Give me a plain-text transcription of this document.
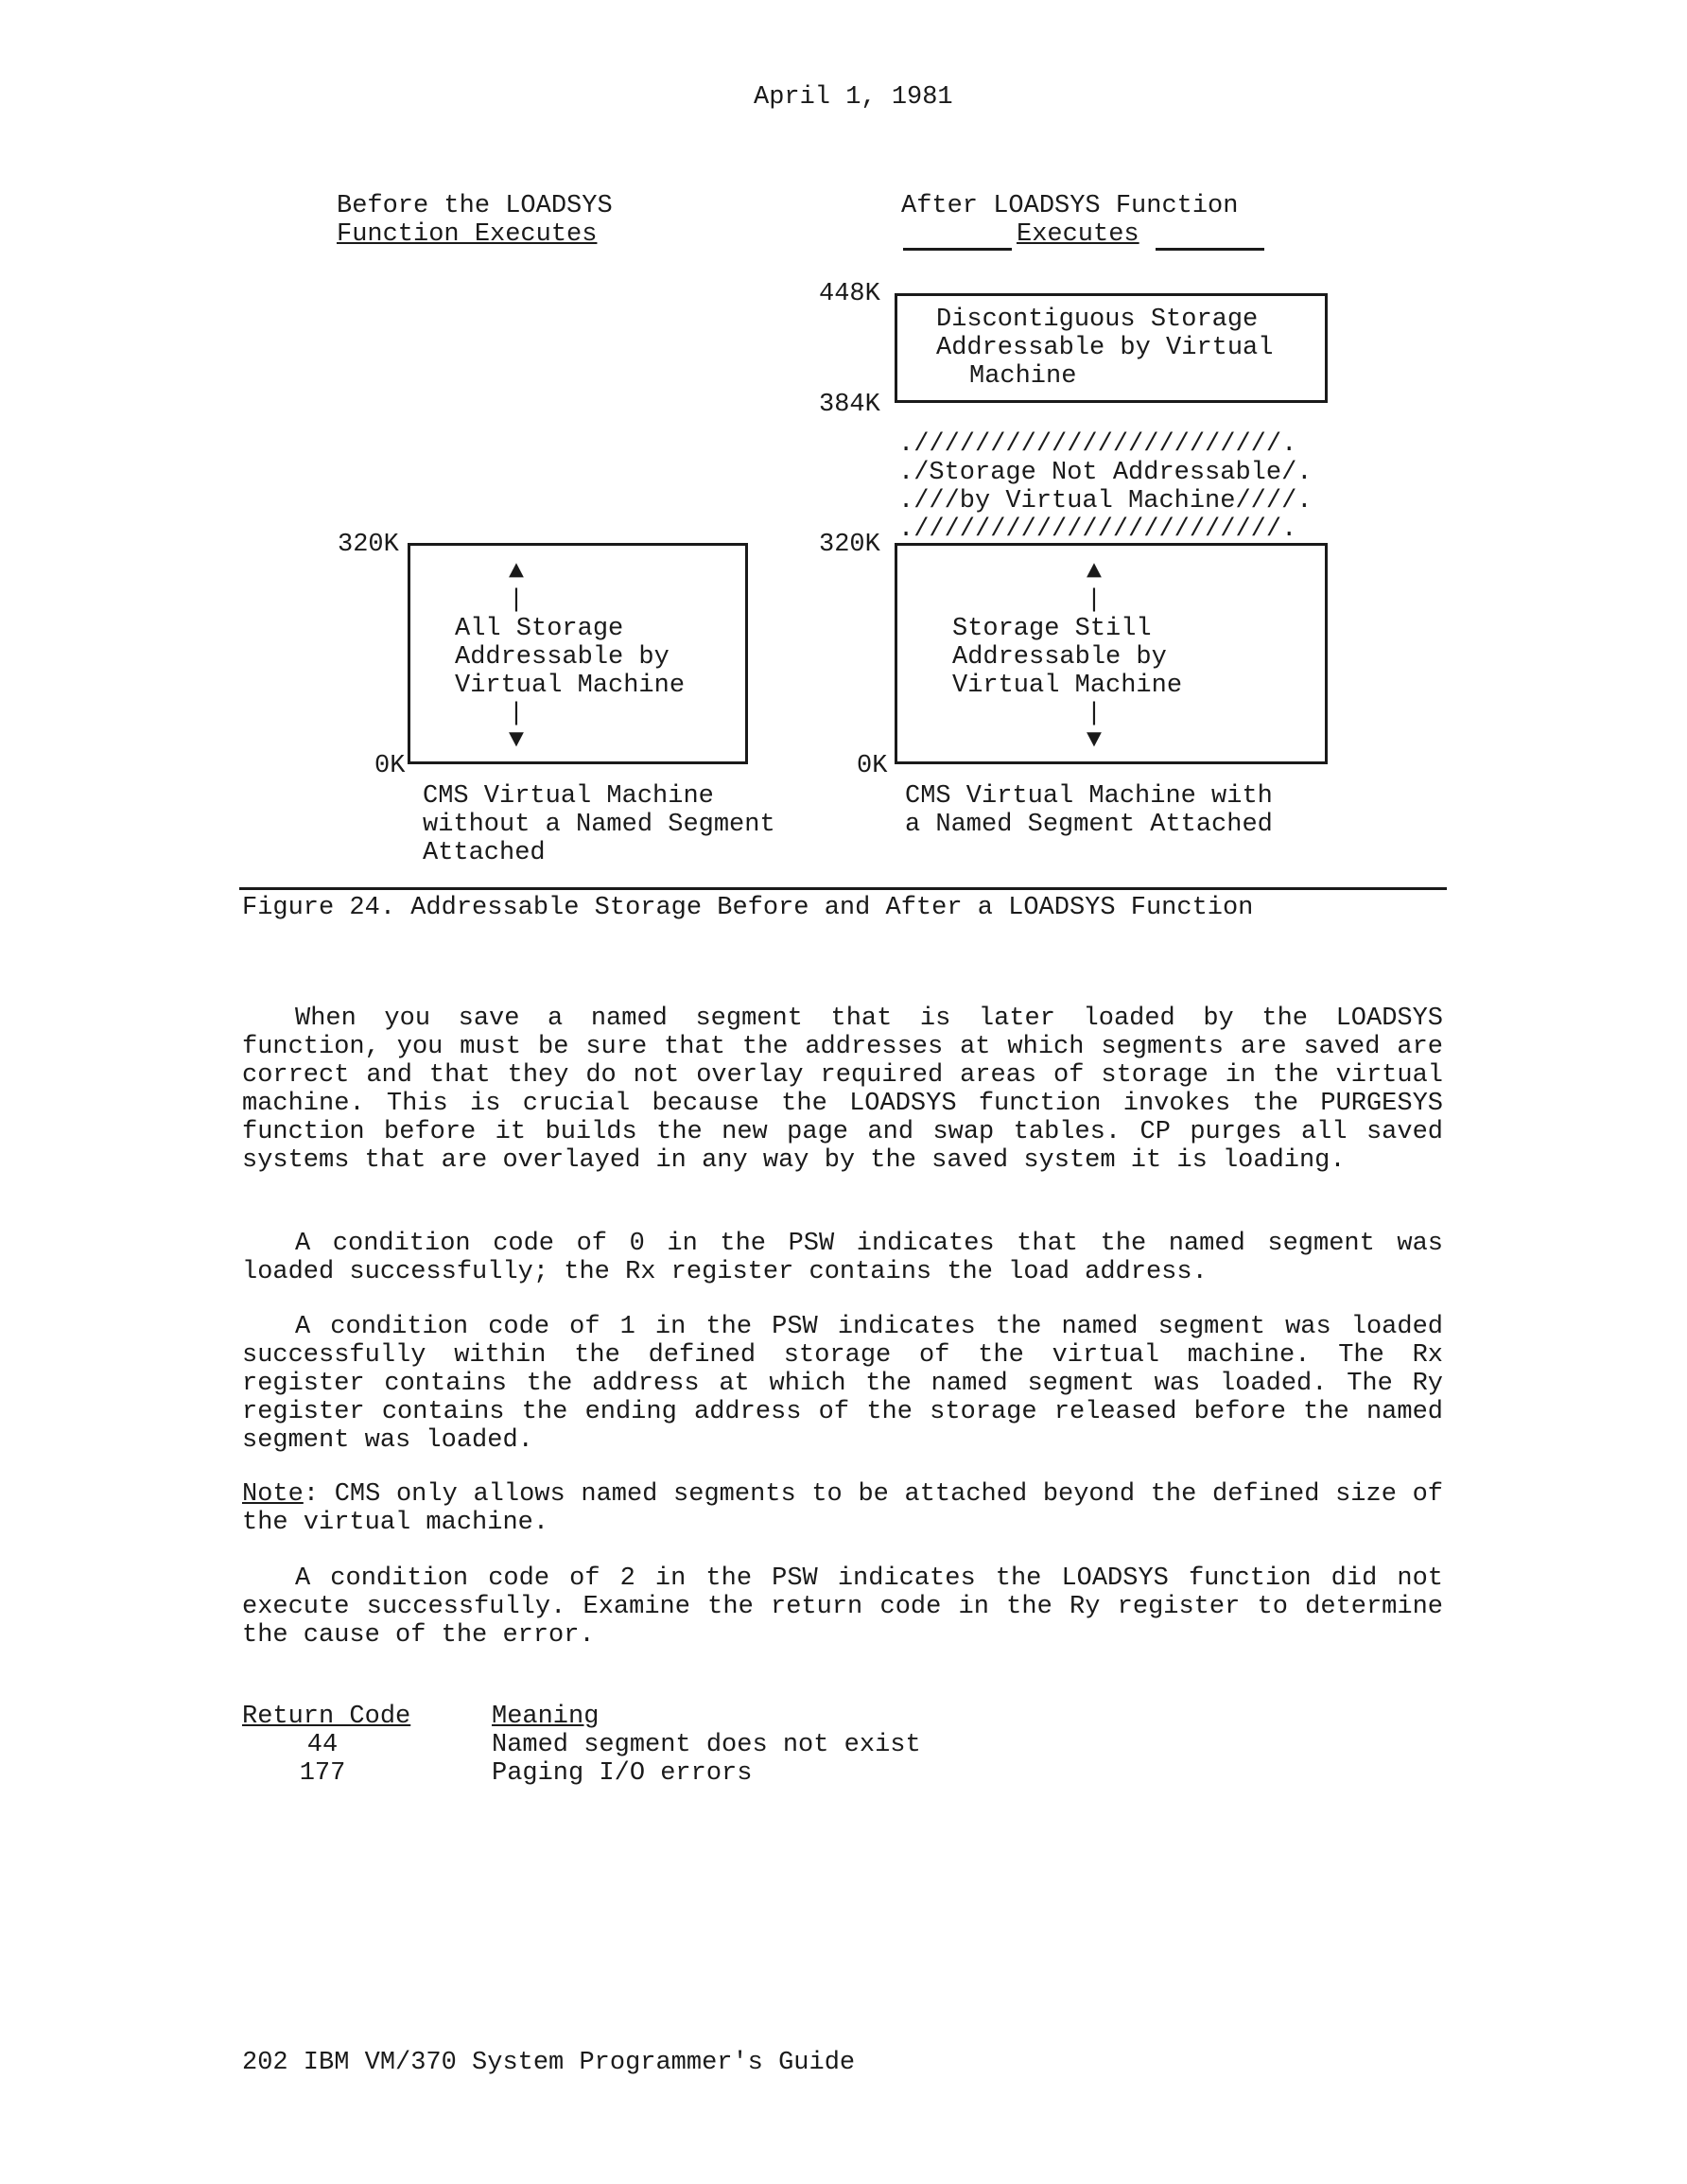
April 1, 1981
Before the LOADSYS
Function Executes
After LOADSYS Function
Executes
448K
Discontiguous Storage
Addressable by Virtual
Machine
384K
.////////////////////////.
./Storage Not Addressable/.
.///by Virtual Machine////.
.////////////////////////.
320K
▲
|
All Storage
Addressable by
Virtual Machine
|
▼
0K
320K
▲
|
Storage Still
Addressable by
Virtual Machine
|
▼
0K
CMS Virtual Machine
without a Named Segment
Attached
CMS Virtual Machine with
a Named Segment Attached
Figure 24. Addressable Storage Before and After a LOADSYS Function
When you save a named segment that is later loaded by the LOADSYS function, you must be sure that the addresses at which segments are saved are correct and that they do not overlay required areas of storage in the virtual machine. This is crucial because the LOADSYS function invokes the PURGESYS function before it builds the new page and swap tables. CP purges all saved systems that are overlayed in any way by the saved system it is loading.
A condition code of 0 in the PSW indicates that the named segment was loaded successfully; the Rx register contains the load address.
A condition code of 1 in the PSW indicates the named segment was loaded successfully within the defined storage of the virtual machine. The Rx register contains the address at which the named segment was loaded. The Ry register contains the ending address of the storage released before the named segment was loaded.
Note: CMS only allows named segments to be attached beyond the defined size of the virtual machine.
A condition code of 2 in the PSW indicates the LOADSYS function did not execute successfully. Examine the return code in the Ry register to determine the cause of the error.
Return Code	Meaning
44	Named segment does not exist
177	Paging I/O errors
202 IBM VM/370 System Programmer's Guide
